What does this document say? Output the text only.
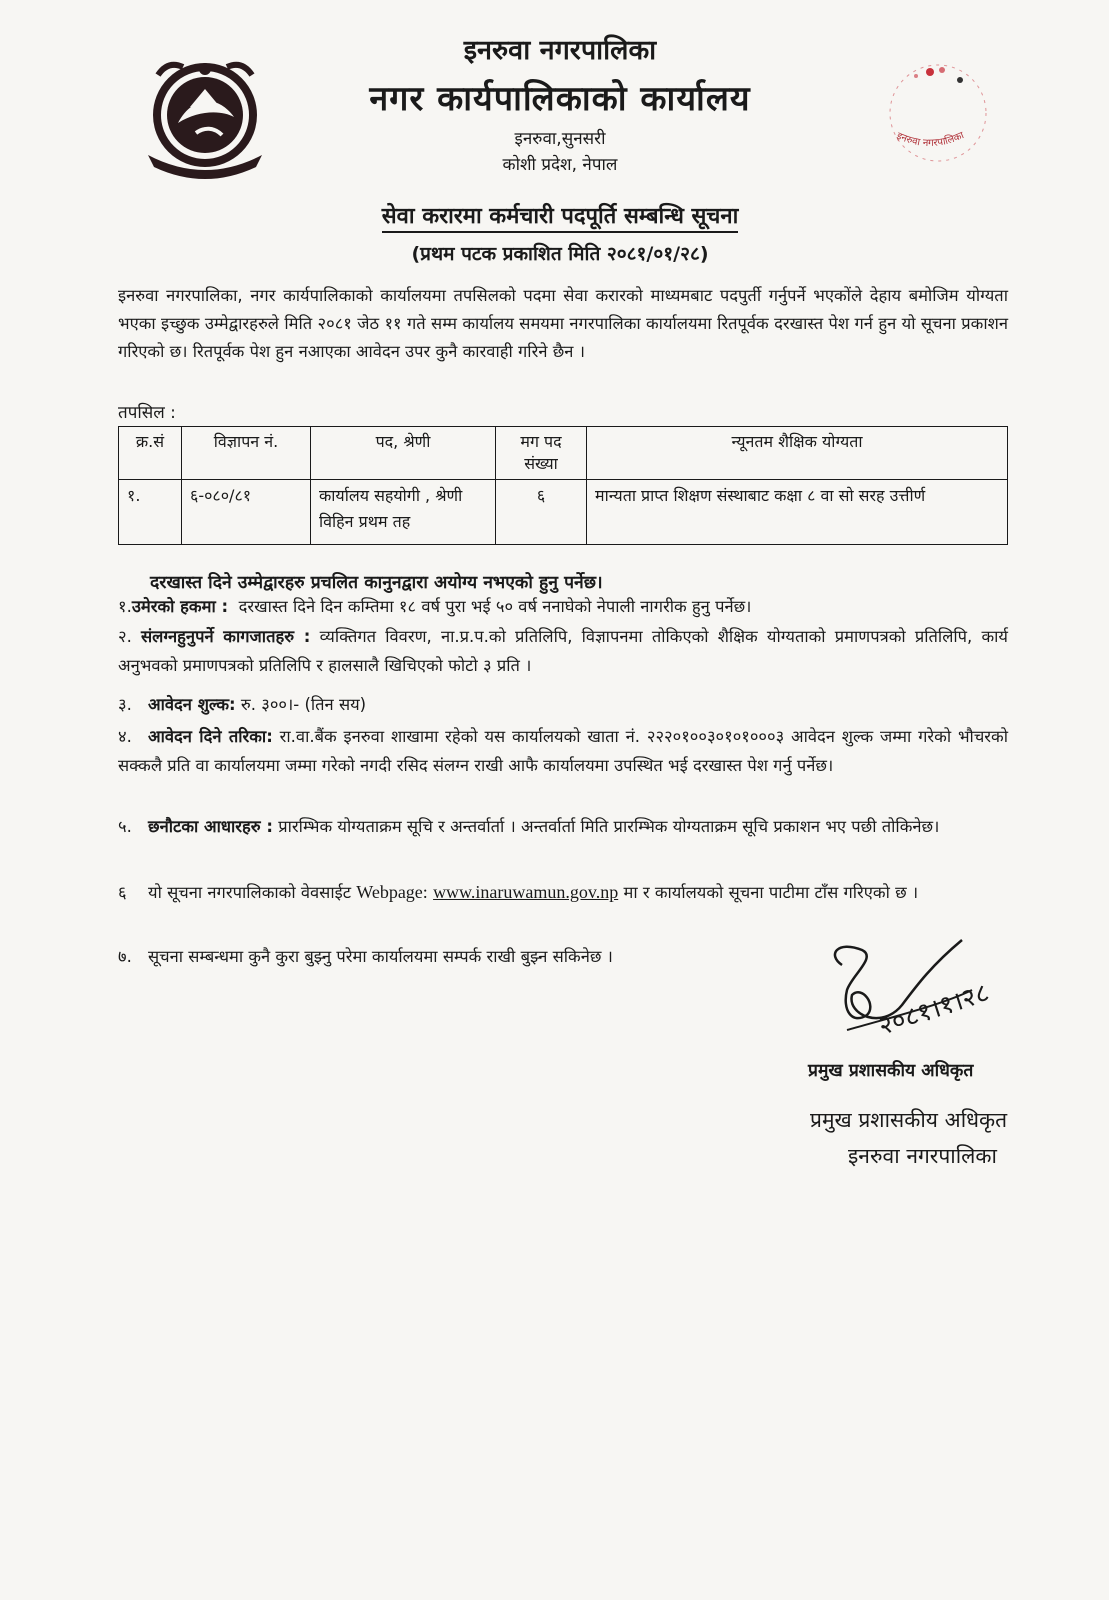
इनरुवा नगरपालिका
इनरुवा नगरपालिका
नगर कार्यपालिकाको कार्यालय
इनरुवा,सुनसरी
कोशी प्रदेश, नेपाल
सेवा करारमा कर्मचारी पदपूर्ति सम्बन्धि सूचना
(प्रथम पटक प्रकाशित मिति २०८१/०१/२८)
इनरुवा नगरपालिका, नगर कार्यपालिकाको कार्यालयमा तपसिलको पदमा सेवा करारको माध्यमबाट पदपुर्ती गर्नुपर्ने भएकोंले देहाय बमोजिम योग्यता भएका इच्छुक उम्मेद्वारहरुले मिति २०८१ जेठ ११ गते सम्म कार्यालय समयमा नगरपालिका कार्यालयमा रितपूर्वक दरखास्त पेश गर्न हुन यो सूचना प्रकाशन गरिएको छ। रितपूर्वक पेश हुन नआएका आवेदन उपर कुनै कारवाही गरिने छैन ।
तपसिल :
क्र.सं	विज्ञापन नं.	पद, श्रेणी	मग पद संख्या	न्यूनतम शैक्षिक योग्यता
१.	६-०८०/८१	कार्यालय सहयोगी , श्रेणी विहिन प्रथम तह	६	मान्यता प्राप्त शिक्षण संस्थाबाट कक्षा ८ वा सो सरह उत्तीर्ण
दरखास्त दिने उम्मेद्वारहरु प्रचलित कानुनद्वारा अयोग्य नभएको हुनु पर्नेछ।
१.उमेरको हकमा : दरखास्त दिने दिन कम्तिमा १८ वर्ष पुरा भई ५० वर्ष ननाघेको नेपाली नागरीक हुनु पर्नेछ।
२. संलग्नहुनुपर्ने कागजातहरु : व्यक्तिगत विवरण, ना.प्र.प.को प्रतिलिपि, विज्ञापनमा तोकिएको शैक्षिक योग्यताको प्रमाणपत्रको प्रतिलिपि, कार्य अनुभवको प्रमाणपत्रको प्रतिलिपि र हालसालै खिचिएको फोटो ३ प्रति ।
३. आवेदन शुल्क: रु. ३००।- (तिन सय)
४. आवेदन दिने तरिका: रा.वा.बैंक इनरुवा शाखामा रहेको यस कार्यालयको खाता नं. २२२०१००३०१०१०००३ आवेदन शुल्क जम्मा गरेको भौचरको सक्कलै प्रति वा कार्यालयमा जम्मा गरेको नगदी रसिद संलग्न राखी आफै कार्यालयमा उपस्थित भई दरखास्त पेश गर्नु पर्नेछ।
५. छनौटका आधारहरु : प्रारम्भिक योग्यताक्रम सूचि र अन्तर्वार्ता । अन्तर्वार्ता मिति प्रारम्भिक योग्यताक्रम सूचि प्रकाशन भए पछी तोकिनेछ।
६ यो सूचना नगरपालिकाको वेवसाईट Webpage: www.inaruwamun.gov.np मा र कार्यालयको सूचना पाटीमा टाँस गरिएको छ ।
७. सूचना सम्बन्धमा कुनै कुरा बुझ्नु परेमा कार्यालयमा सम्पर्क राखी बुझ्न सकिनेछ ।
२०८१।१।२८
प्रमुख प्रशासकीय अधिकृत
प्रमुख प्रशासकीय अधिकृत
इनरुवा नगरपालिका
